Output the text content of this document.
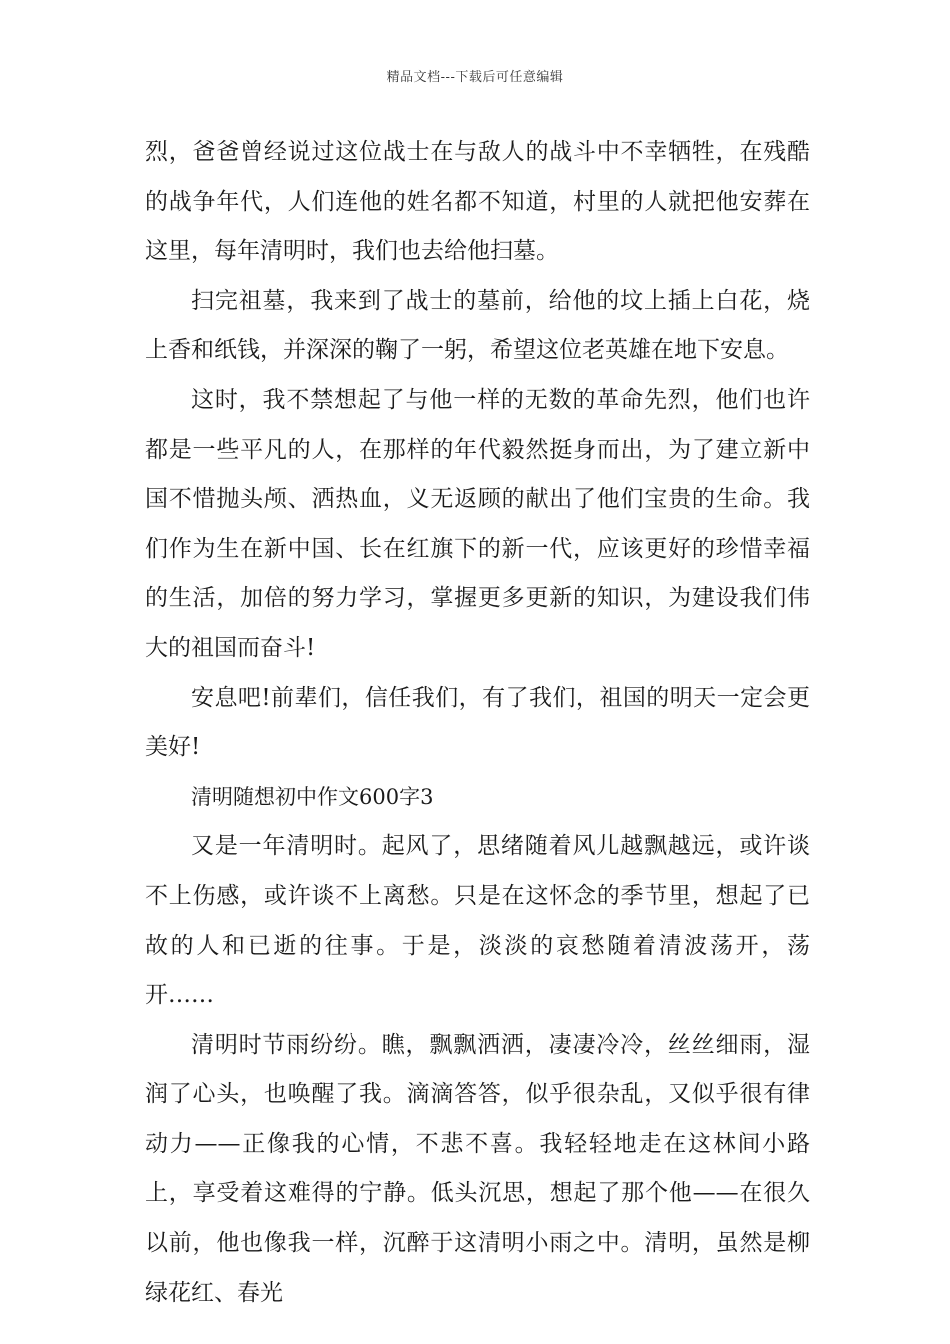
精品文档---下载后可任意编辑

烈，爸爸曾经说过这位战士在与敌人的战斗中不幸牺牲，在残酷的战争年代，人们连他的姓名都不知道，村里的人就把他安葬在这里，每年清明时，我们也去给他扫墓。

扫完祖墓，我来到了战士的墓前，给他的坟上插上白花，烧上香和纸钱，并深深的鞠了一躬，希望这位老英雄在地下安息。

这时，我不禁想起了与他一样的无数的革命先烈，他们也许都是一些平凡的人，在那样的年代毅然挺身而出，为了建立新中国不惜抛头颅、洒热血，义无返顾的献出了他们宝贵的生命。我们作为生在新中国、长在红旗下的新一代，应该更好的珍惜幸福的生活，加倍的努力学习，掌握更多更新的知识，为建设我们伟大的祖国而奋斗!

安息吧!前辈们，信任我们，有了我们，祖国的明天一定会更美好!

清明随想初中作文600字3

又是一年清明时。起风了，思绪随着风儿越飘越远，或许谈不上伤感，或许谈不上离愁。只是在这怀念的季节里，想起了已故的人和已逝的往事。于是，淡淡的哀愁随着清波荡开，荡开……

清明时节雨纷纷。瞧，飘飘洒洒，凄凄冷冷，丝丝细雨，湿润了心头，也唤醒了我。滴滴答答，似乎很杂乱，又似乎很有律动力——正像我的心情，不悲不喜。我轻轻地走在这林间小路上，享受着这难得的宁静。低头沉思，想起了那个他——在很久以前，他也像我一样，沉醉于这清明小雨之中。清明，虽然是柳绿花红、春光
